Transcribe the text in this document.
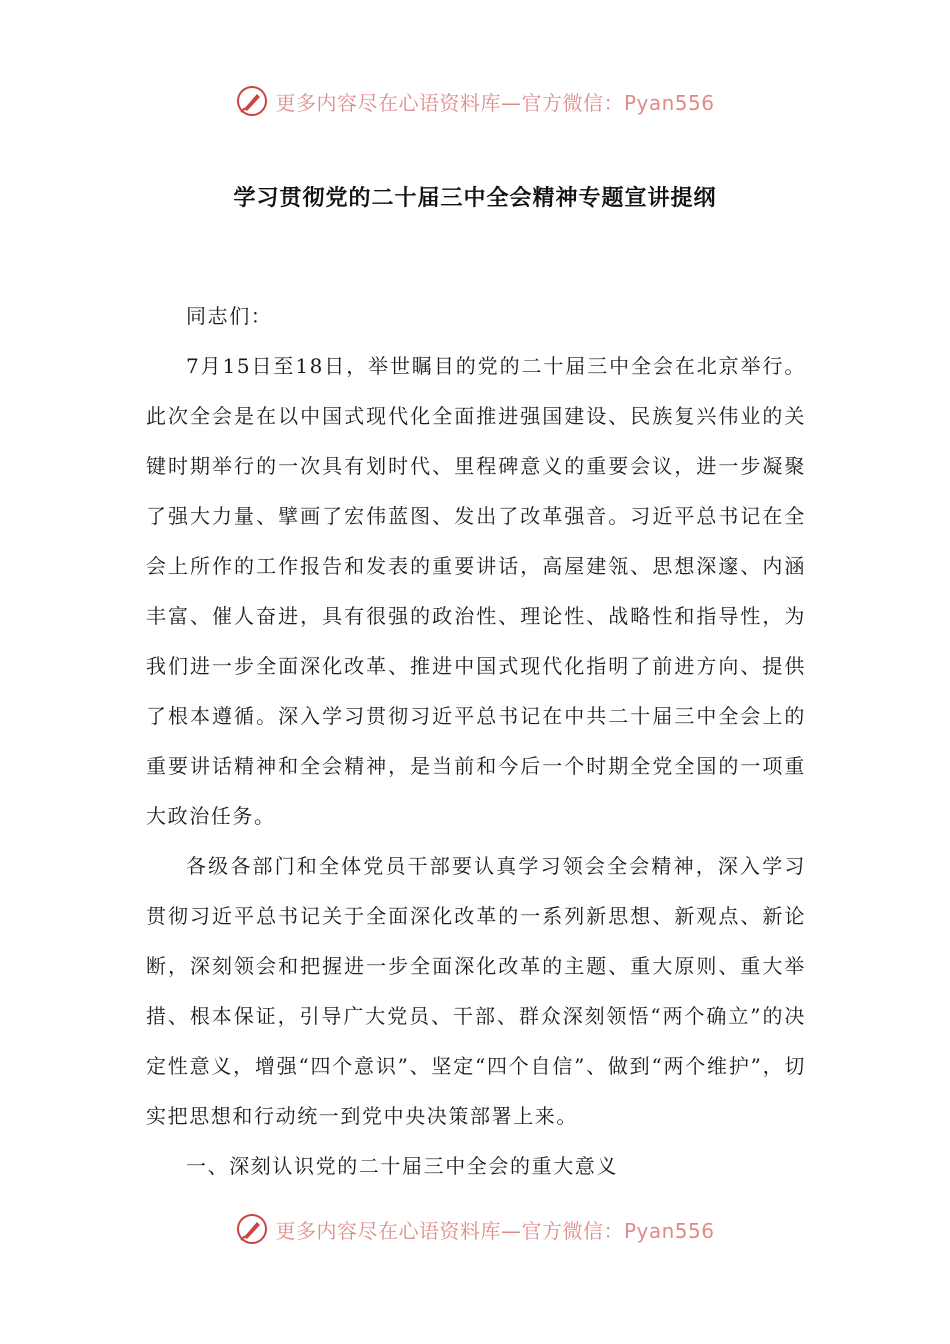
更多内容尽在心语资料库—官方微信：Pyan556
学习贯彻党的二十届三中全会精神专题宣讲提纲

同志们：

7月15日至18日，举世瞩目的党的二十届三中全会在北京举行。此次全会是在以中国式现代化全面推进强国建设、民族复兴伟业的关键时期举行的一次具有划时代、里程碑意义的重要会议，进一步凝聚了强大力量、擘画了宏伟蓝图、发出了改革强音。习近平总书记在全会上所作的工作报告和发表的重要讲话，高屋建瓴、思想深邃、内涵丰富、催人奋进，具有很强的政治性、理论性、战略性和指导性，为我们进一步全面深化改革、推进中国式现代化指明了前进方向、提供了根本遵循。深入学习贯彻习近平总书记在中共二十届三中全会上的重要讲话精神和全会精神，是当前和今后一个时期全党全国的一项重大政治任务。

各级各部门和全体党员干部要认真学习领会全会精神，深入学习贯彻习近平总书记关于全面深化改革的一系列新思想、新观点、新论断，深刻领会和把握进一步全面深化改革的主题、重大原则、重大举措、根本保证，引导广大党员、干部、群众深刻领悟“两个确立”的决定性意义，增强“四个意识”、坚定“四个自信”、做到“两个维护”，切实把思想和行动统一到党中央决策部署上来。

一、深刻认识党的二十届三中全会的重大意义

更多内容尽在心语资料库—官方微信：Pyan556
